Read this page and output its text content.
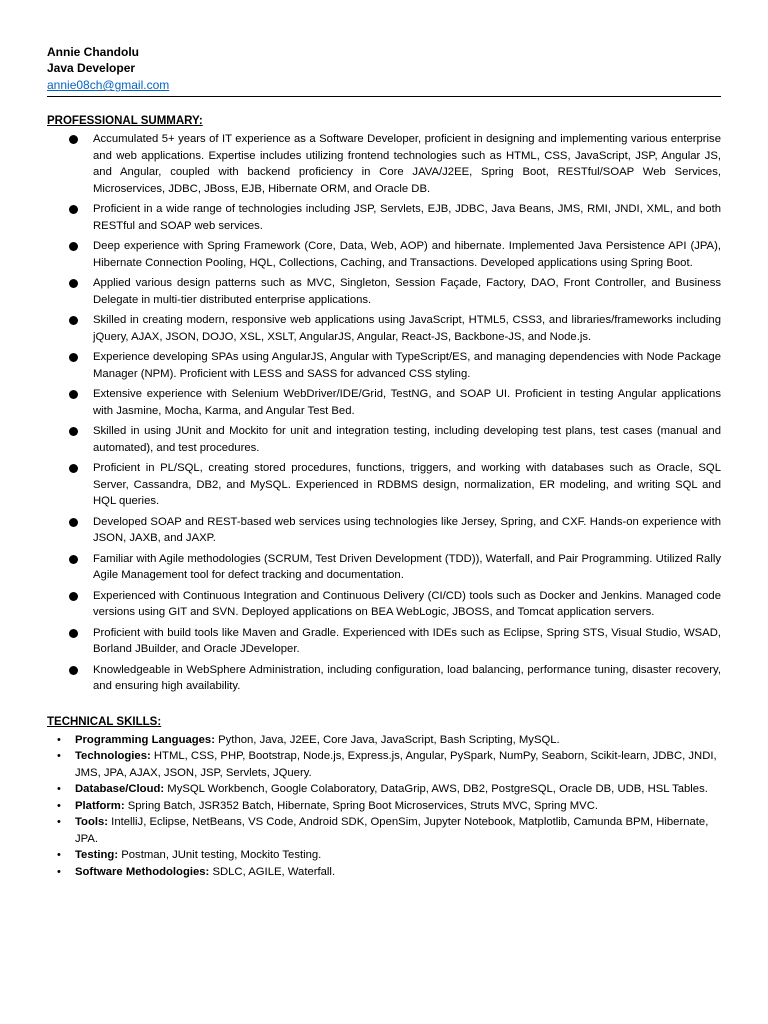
Annie Chandolu
Java Developer
annie08ch@gmail.com
PROFESSIONAL SUMMARY:
Accumulated 5+ years of IT experience as a Software Developer, proficient in designing and implementing various enterprise and web applications. Expertise includes utilizing frontend technologies such as HTML, CSS, JavaScript, JSP, Angular JS, and Angular, coupled with backend proficiency in Core JAVA/J2EE, Spring Boot, RESTful/SOAP Web Services, Microservices, JDBC, JBoss, EJB, Hibernate ORM, and Oracle DB.
Proficient in a wide range of technologies including JSP, Servlets, EJB, JDBC, Java Beans, JMS, RMI, JNDI, XML, and both RESTful and SOAP web services.
Deep experience with Spring Framework (Core, Data, Web, AOP) and hibernate. Implemented Java Persistence API (JPA), Hibernate Connection Pooling, HQL, Collections, Caching, and Transactions. Developed applications using Spring Boot.
Applied various design patterns such as MVC, Singleton, Session Façade, Factory, DAO, Front Controller, and Business Delegate in multi-tier distributed enterprise applications.
Skilled in creating modern, responsive web applications using JavaScript, HTML5, CSS3, and libraries/frameworks including jQuery, AJAX, JSON, DOJO, XSL, XSLT, AngularJS, Angular, React-JS, Backbone-JS, and Node.js.
Experience developing SPAs using AngularJS, Angular with TypeScript/ES, and managing dependencies with Node Package Manager (NPM). Proficient with LESS and SASS for advanced CSS styling.
Extensive experience with Selenium WebDriver/IDE/Grid, TestNG, and SOAP UI. Proficient in testing Angular applications with Jasmine, Mocha, Karma, and Angular Test Bed.
Skilled in using JUnit and Mockito for unit and integration testing, including developing test plans, test cases (manual and automated), and test procedures.
Proficient in PL/SQL, creating stored procedures, functions, triggers, and working with databases such as Oracle, SQL Server, Cassandra, DB2, and MySQL. Experienced in RDBMS design, normalization, ER modeling, and writing SQL and HQL queries.
Developed SOAP and REST-based web services using technologies like Jersey, Spring, and CXF. Hands-on experience with JSON, JAXB, and JAXP.
Familiar with Agile methodologies (SCRUM, Test Driven Development (TDD)), Waterfall, and Pair Programming. Utilized Rally Agile Management tool for defect tracking and documentation.
Experienced with Continuous Integration and Continuous Delivery (CI/CD) tools such as Docker and Jenkins. Managed code versions using GIT and SVN. Deployed applications on BEA WebLogic, JBOSS, and Tomcat application servers.
Proficient with build tools like Maven and Gradle. Experienced with IDEs such as Eclipse, Spring STS, Visual Studio, WSAD, Borland JBuilder, and Oracle JDeveloper.
Knowledgeable in WebSphere Administration, including configuration, load balancing, performance tuning, disaster recovery, and ensuring high availability.
TECHNICAL SKILLS:
• Programming Languages: Python, Java, J2EE, Core Java, JavaScript, Bash Scripting, MySQL.
• Technologies: HTML, CSS, PHP, Bootstrap, Node.js, Express.js, Angular, PySpark, NumPy, Seaborn, Scikit-learn, JDBC, JNDI, JMS, JPA, AJAX, JSON, JSP, Servlets, JQuery.
• Database/Cloud: MySQL Workbench, Google Colaboratory, DataGrip, AWS, DB2, PostgreSQL, Oracle DB, UDB, HSL Tables.
• Platform: Spring Batch, JSR352 Batch, Hibernate, Spring Boot Microservices, Struts MVC, Spring MVC.
• Tools: IntelliJ, Eclipse, NetBeans, VS Code, Android SDK, OpenSim, Jupyter Notebook, Matplotlib, Camunda BPM, Hibernate, JPA.
• Testing: Postman, JUnit testing, Mockito Testing.
• Software Methodologies: SDLC, AGILE, Waterfall.
